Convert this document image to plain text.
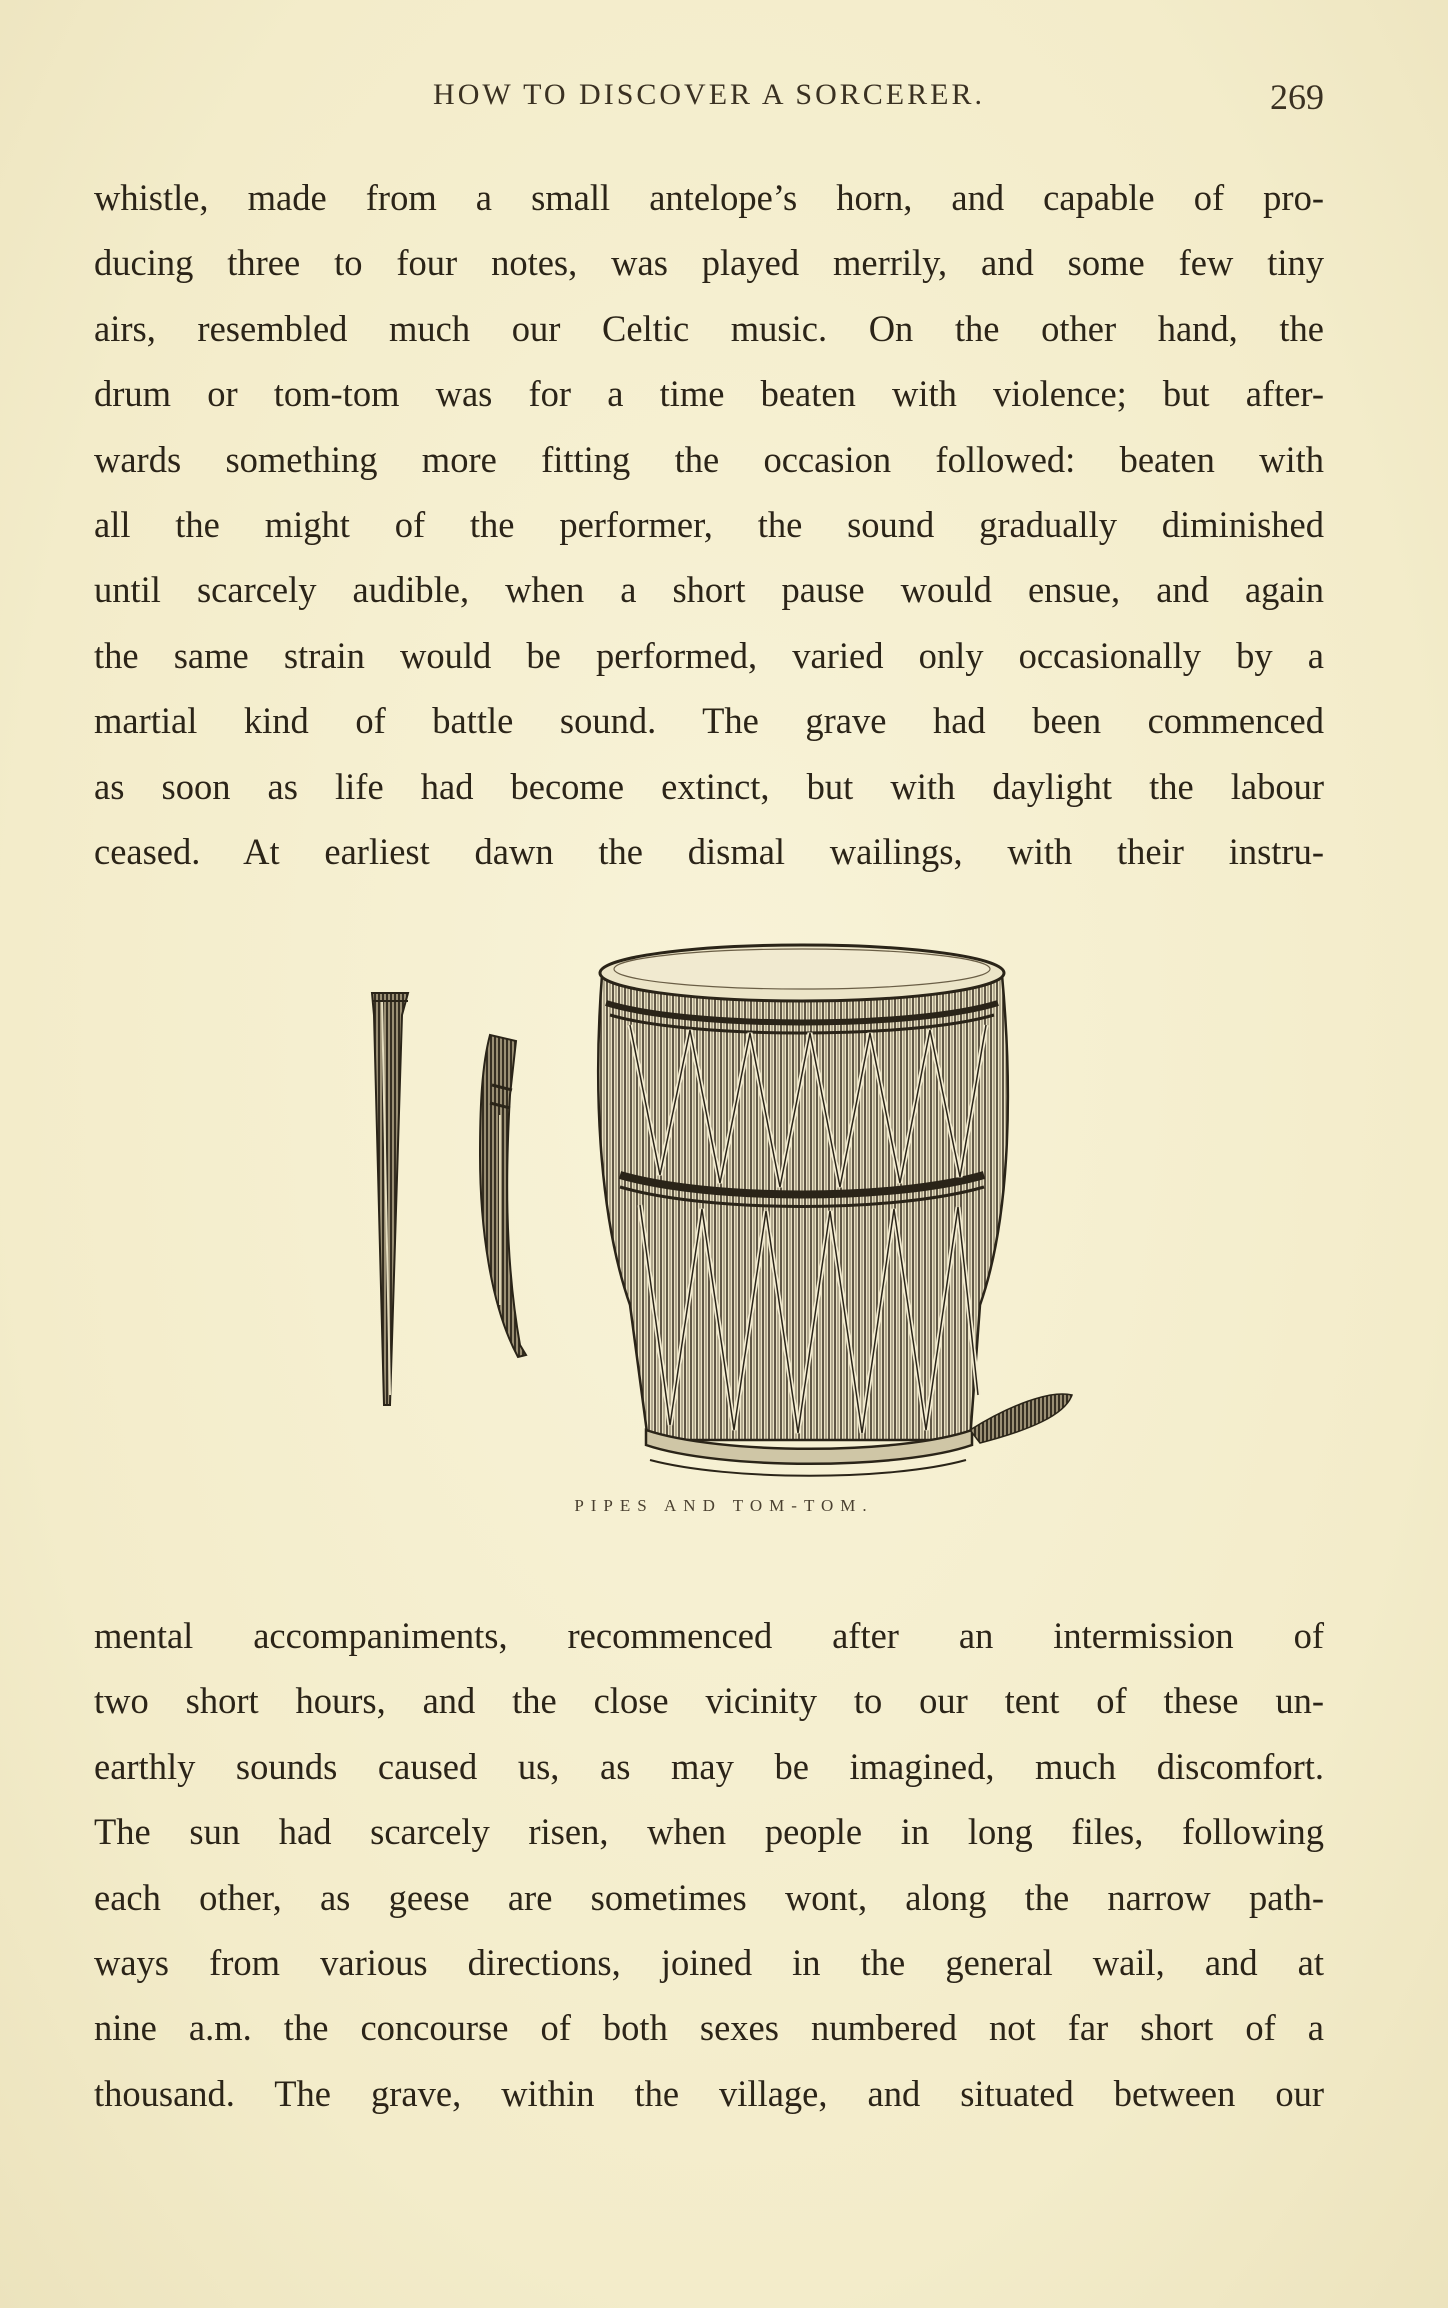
HOW TO DISCOVER A SORCERER.	269
whistle, made from a small antelope’s horn, and capable of pro-
ducing three to four notes, was played merrily, and some few tiny
airs, resembled much our Celtic music. On the other hand, the
drum or tom-tom was for a time beaten with violence; but after-
wards something more fitting the occasion followed: beaten with
all the might of the performer, the sound gradually diminished
until scarcely audible, when a short pause would ensue, and again
the same strain would be performed, varied only occasionally by a
martial kind of battle sound. The grave had been commenced
as soon as life had become extinct, but with daylight the labour
ceased. At earliest dawn the dismal wailings, with their instru-
PIPES AND TOM-TOM.
mental accompaniments, recommenced after an intermission of
two short hours, and the close vicinity to our tent of these un-
earthly sounds caused us, as may be imagined, much discomfort.
The sun had scarcely risen, when people in long files, following
each other, as geese are sometimes wont, along the narrow path-
ways from various directions, joined in the general wail, and at
nine a.m. the concourse of both sexes numbered not far short of a
thousand. The grave, within the village, and situated between our
